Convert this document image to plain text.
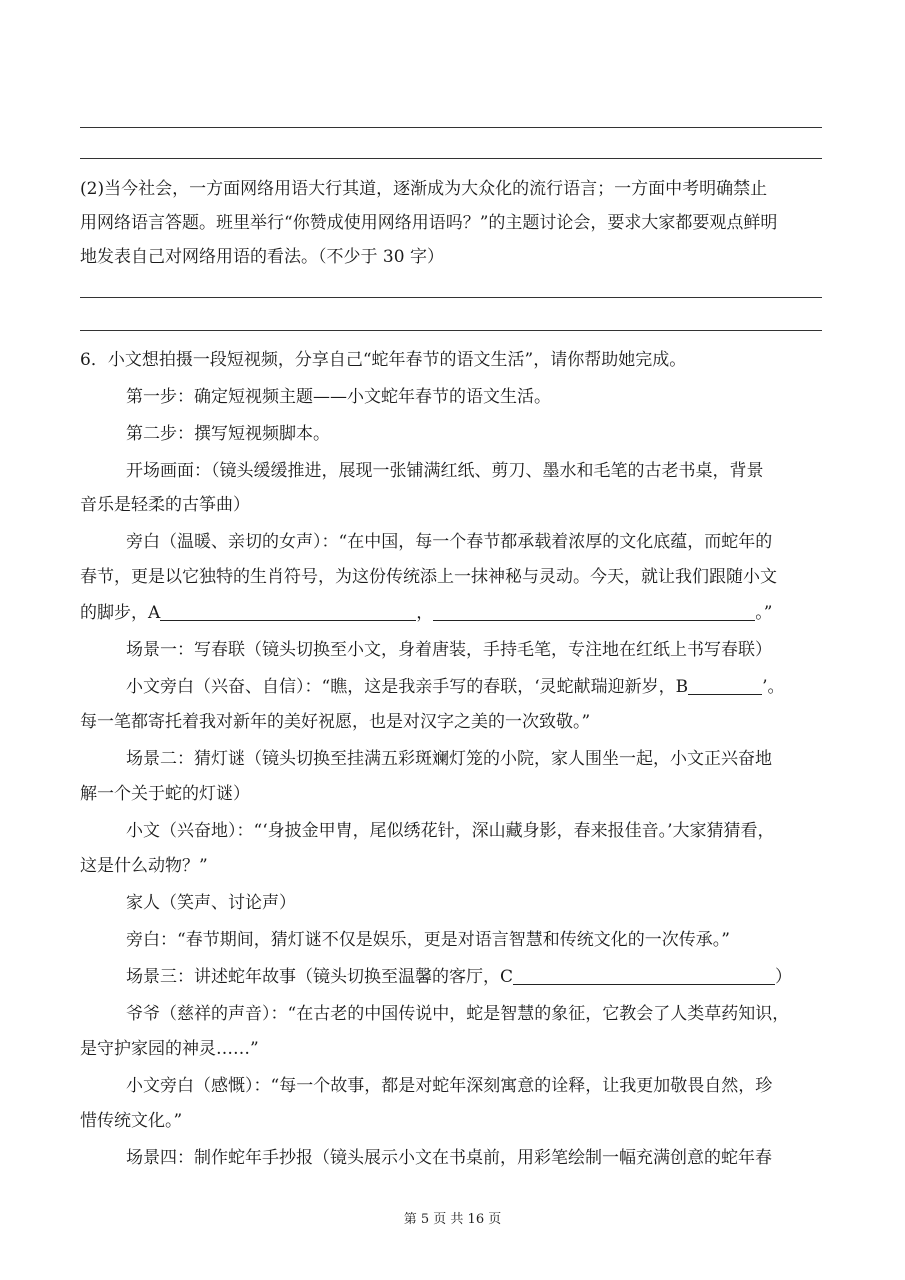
(2)当今社会，一方面网络用语大行其道，逐渐成为大众化的流行语言；一方面中考明确禁止
用网络语言答题。班里举行“你赞成使用网络用语吗？”的主题讨论会，要求大家都要观点鲜明
地发表自己对网络用语的看法。（不少于 30 字）
6．小文想拍摄一段短视频，分享自己“蛇年春节的语文生活”，请你帮助她完成。
第一步：确定短视频主题——小文蛇年春节的语文生活。
第二步：撰写短视频脚本。
开场画面：（镜头缓缓推进，展现一张铺满红纸、剪刀、墨水和毛笔的古老书桌，背景
音乐是轻柔的古筝曲）
旁白（温暖、亲切的女声）：“在中国，每一个春节都承载着浓厚的文化底蕴，而蛇年的
春节，更是以它独特的生肖符号，为这份传统添上一抹神秘与灵动。今天，就让我们跟随小文
的脚步，A	，	。”
场景一：写春联（镜头切换至小文，身着唐装，手持毛笔，专注地在红纸上书写春联）
小文旁白（兴奋、自信）：“瞧，这是我亲手写的春联，‘灵蛇献瑞迎新岁，B	’。
每一笔都寄托着我对新年的美好祝愿，也是对汉字之美的一次致敬。”
场景二：猜灯谜（镜头切换至挂满五彩斑斓灯笼的小院，家人围坐一起，小文正兴奋地
解一个关于蛇的灯谜）
小文（兴奋地）：“‘身披金甲胄，尾似绣花针，深山藏身影，春来报佳音。’大家猜猜看，
这是什么动物？”
家人（笑声、讨论声）
旁白：“春节期间，猜灯谜不仅是娱乐，更是对语言智慧和传统文化的一次传承。”
场景三：讲述蛇年故事（镜头切换至温馨的客厅，C	）
爷爷（慈祥的声音）：“在古老的中国传说中，蛇是智慧的象征，它教会了人类草药知识，
是守护家园的神灵……”
小文旁白（感慨）：“每一个故事，都是对蛇年深刻寓意的诠释，让我更加敬畏自然，珍
惜传统文化。”
场景四：制作蛇年手抄报（镜头展示小文在书桌前，用彩笔绘制一幅充满创意的蛇年春
第 5 页 共 16 页
